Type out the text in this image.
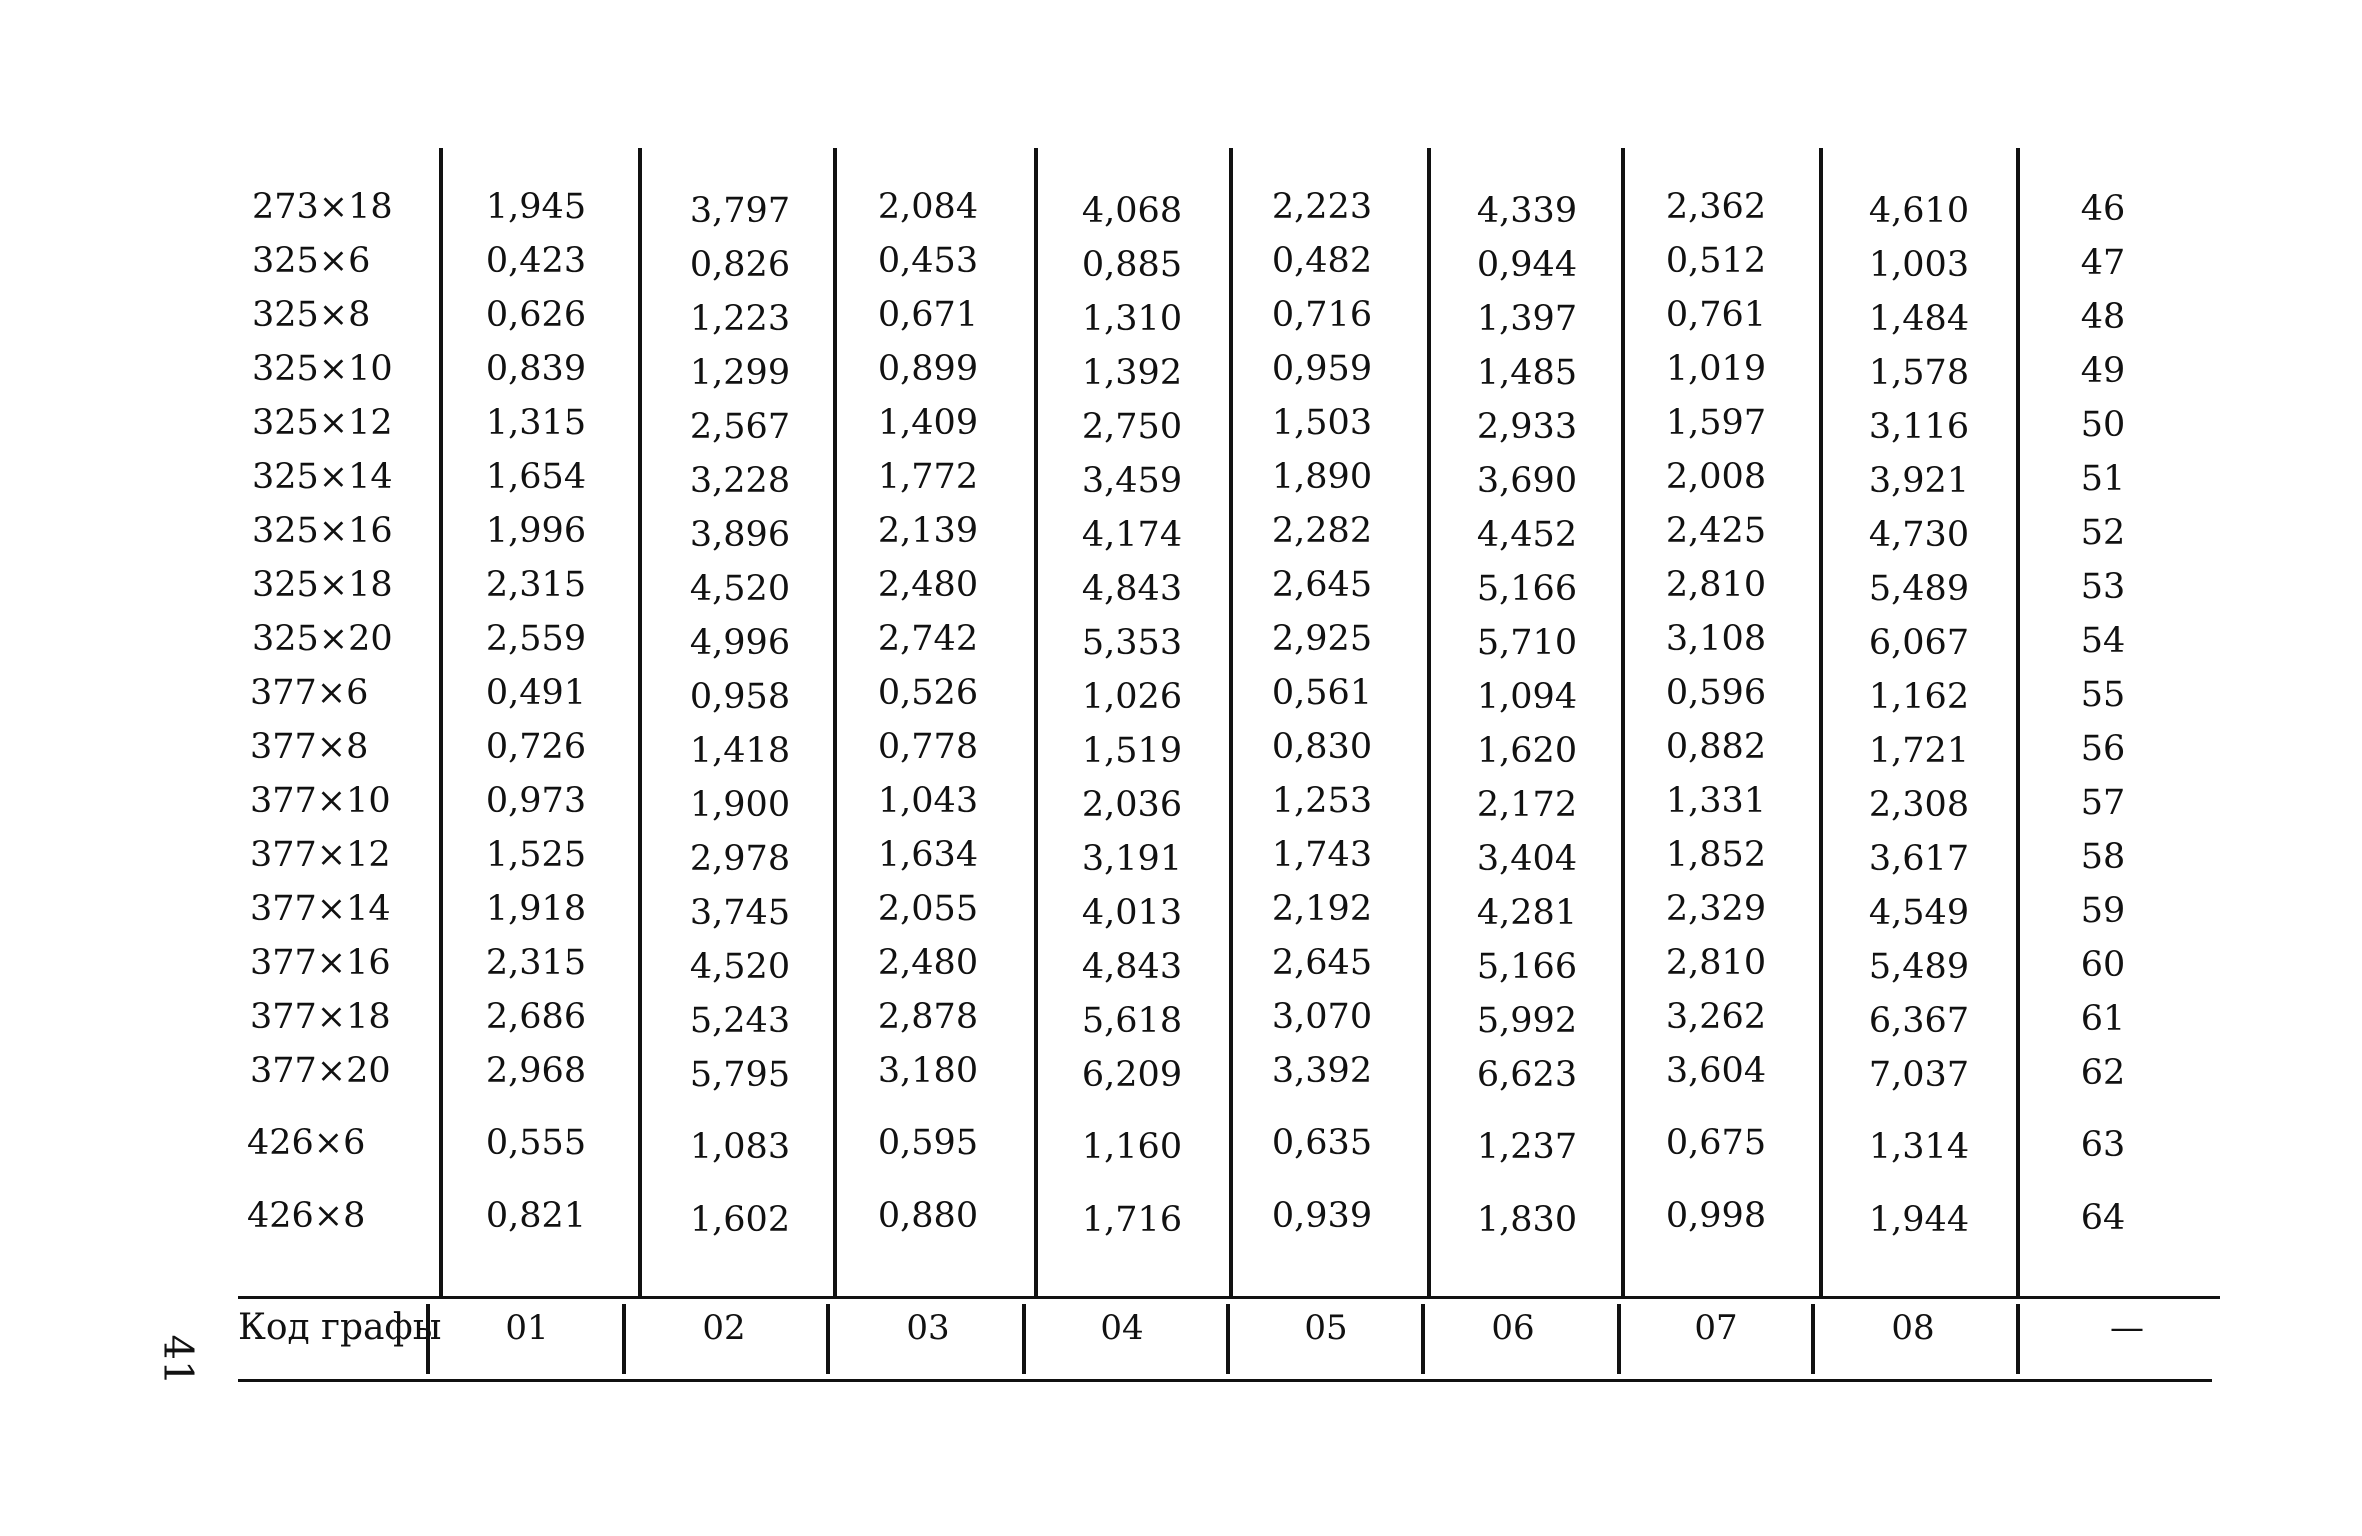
273×18	1,945	3,797	2,084	4,068	2,223	4,339	2,362	4,610	46
325×6	0,423	0,826	0,453	0,885	0,482	0,944	0,512	1,003	47
325×8	0,626	1,223	0,671	1,310	0,716	1,397	0,761	1,484	48
325×10	0,839	1,299	0,899	1,392	0,959	1,485	1,019	1,578	49
325×12	1,315	2,567	1,409	2,750	1,503	2,933	1,597	3,116	50
325×14	1,654	3,228	1,772	3,459	1,890	3,690	2,008	3,921	51
325×16	1,996	3,896	2,139	4,174	2,282	4,452	2,425	4,730	52
325×18	2,315	4,520	2,480	4,843	2,645	5,166	2,810	5,489	53
325×20	2,559	4,996	2,742	5,353	2,925	5,710	3,108	6,067	54
377×6	0,491	0,958	0,526	1,026	0,561	1,094	0,596	1,162	55
377×8	0,726	1,418	0,778	1,519	0,830	1,620	0,882	1,721	56
377×10	0,973	1,900	1,043	2,036	1,253	2,172	1,331	2,308	57
377×12	1,525	2,978	1,634	3,191	1,743	3,404	1,852	3,617	58
377×14	1,918	3,745	2,055	4,013	2,192	4,281	2,329	4,549	59
377×16	2,315	4,520	2,480	4,843	2,645	5,166	2,810	5,489	60
377×18	2,686	5,243	2,878	5,618	3,070	5,992	3,262	6,367	61
377×20	2,968	5,795	3,180	6,209	3,392	6,623	3,604	7,037	62
426×6	0,555	1,083	0,595	1,160	0,635	1,237	0,675	1,314	63
426×8	0,821	1,602	0,880	1,716	0,939	1,830	0,998	1,944	64
Код графы 01	02	03	04	05	06	07	08	—
41
